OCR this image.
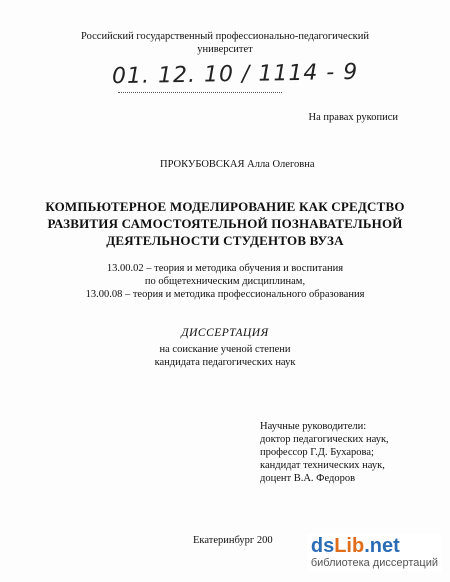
Российский государственный профессионально-педагогический
университет
01. 12. 10 / 1114 - 9
На правах рукописи
ПРОКУБОВСКАЯ Алла Олеговна
КОМПЬЮТЕРНОЕ МОДЕЛИРОВАНИЕ КАК СРЕДСТВО
РАЗВИТИЯ САМОСТОЯТЕЛЬНОЙ ПОЗНАВАТЕЛЬНОЙ
ДЕЯТЕЛЬНОСТИ СТУДЕНТОВ ВУЗА
13.00.02 – теория и методика обучения и воспитания
по общетехническим дисциплинам,
13.00.08 – теория и методика профессионального образования
ДИССЕРТАЦИЯ
на соискание ученой степени
кандидата педагогических наук
Научные руководители:
доктор педагогических наук,
профессор Г.Д. Бухарова;
кандидат технических наук,
доцент В.А. Федоров
Екатеринбург 200 dsLib.net
библиотека диссертаций
